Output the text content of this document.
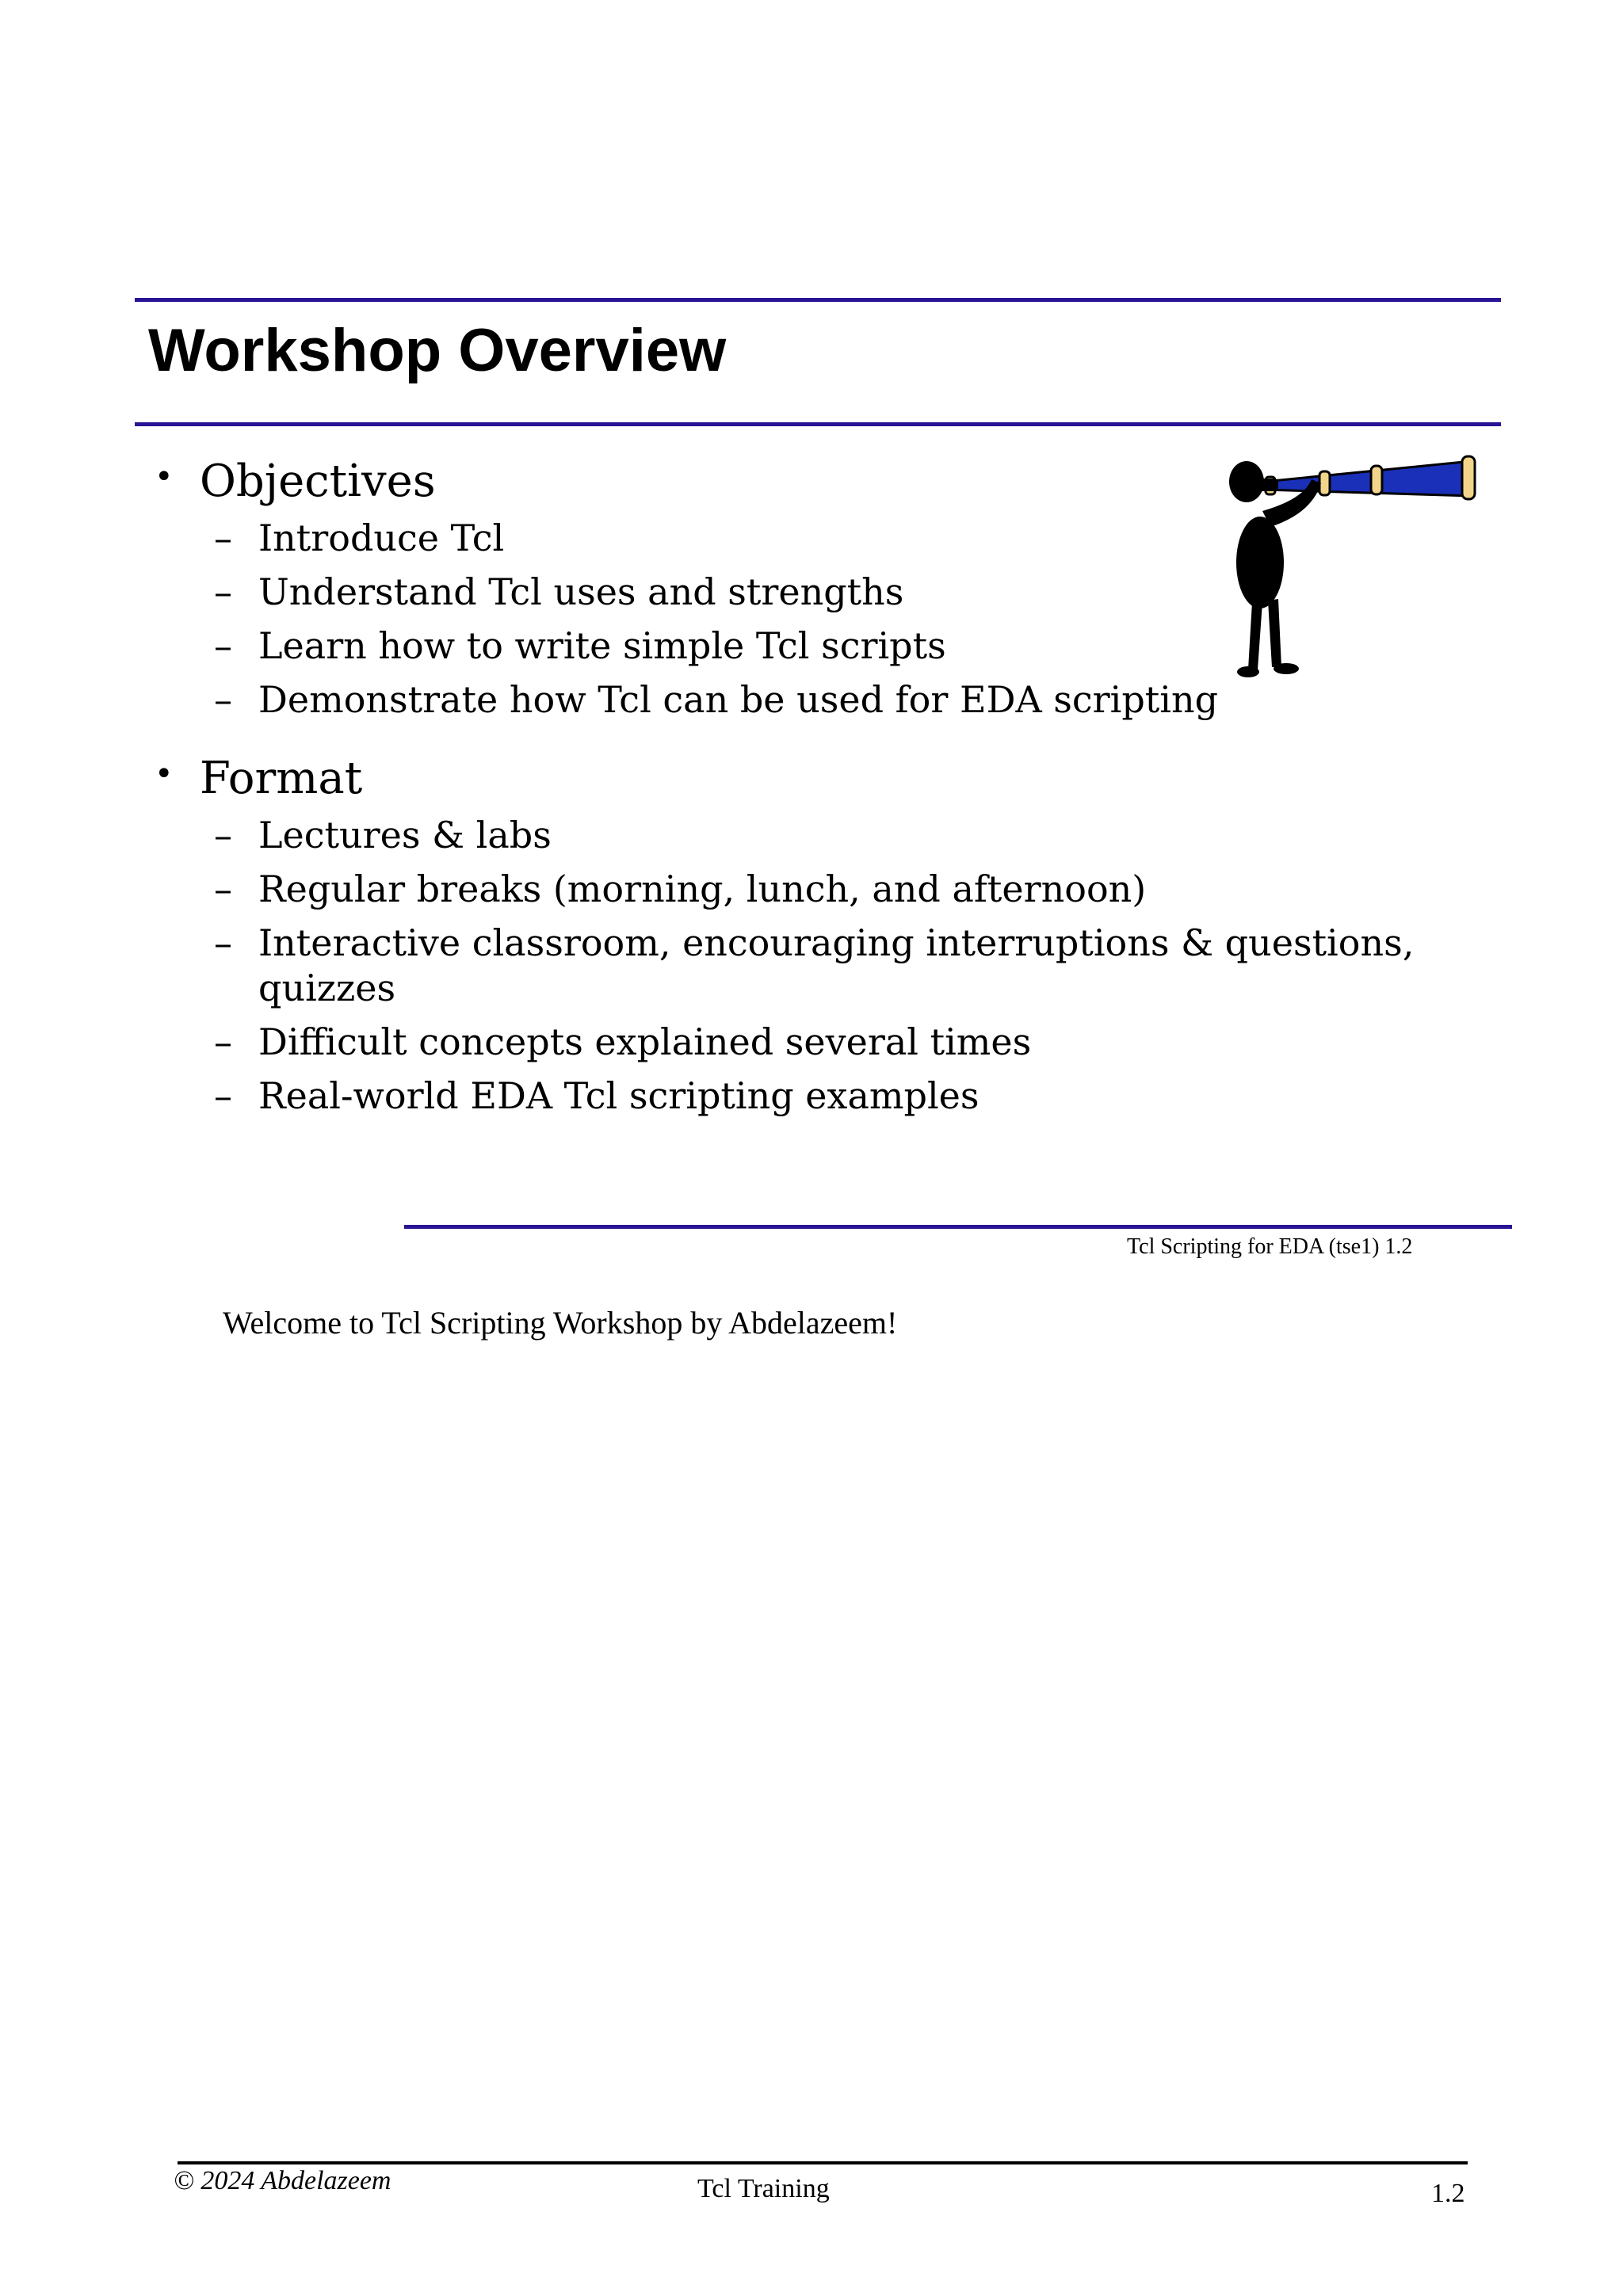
Workshop Overview
• Objectives
– Introduce Tcl
– Understand Tcl uses and strengths
– Learn how to write simple Tcl scripts
– Demonstrate how Tcl can be used for EDA scripting
• Format
– Lectures & labs
– Regular breaks (morning, lunch, and afternoon)
– Interactive classroom, encouraging interruptions & questions,
quizzes
– Difficult concepts explained several times
– Real-world EDA Tcl scripting examples
Tcl Scripting for EDA (tse1) 1.2
Welcome to Tcl Scripting Workshop by Abdelazeem!
© 2024 Abdelazeem	Tcl Training	1.2
